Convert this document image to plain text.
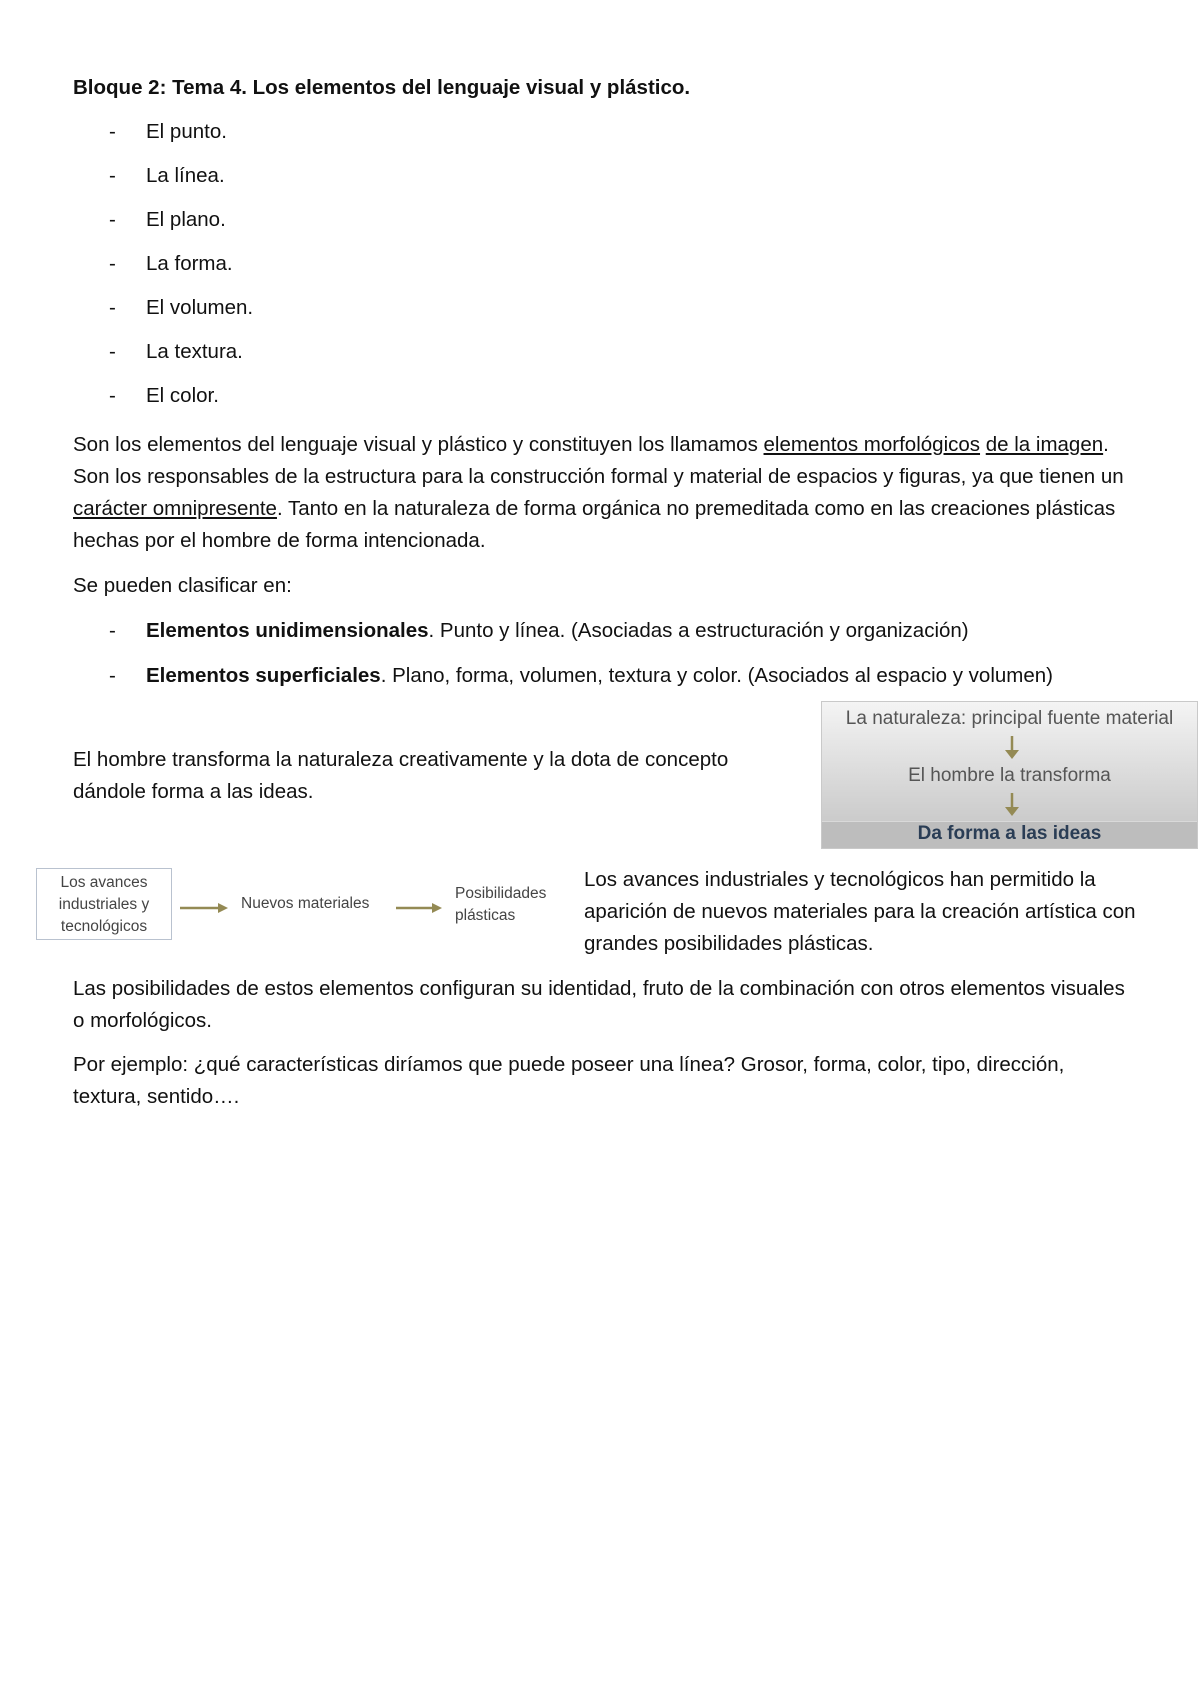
Bloque 2: Tema 4. Los elementos del lenguaje visual y plástico.
- El punto.
- La línea.
- El plano.
- La forma.
- El volumen.
- La textura.
- El color.

Son los elementos del lenguaje visual y plástico y constituyen los llamamos elementos morfológicos de la imagen. Son los responsables de la estructura para la construcción formal y material de espacios y figuras, ya que tienen un carácter omnipresente. Tanto en la naturaleza de forma orgánica no premeditada como en las creaciones plásticas hechas por el hombre de forma intencionada.

Se pueden clasificar en:

- Elementos unidimensionales. Punto y línea. (Asociadas a estructuración y organización)
- Elementos superficiales. Plano, forma, volumen, textura y color. (Asociados al espacio y volumen)

El hombre transforma la naturaleza creativamente y la dota de concepto dándole forma a las ideas.

La naturaleza: principal fuente material
El hombre la transforma
Da forma a las ideas
Los avances industriales y tecnológicos
Nuevos materiales
Posibilidades plásticas

Los avances industriales y tecnológicos han permitido la aparición de nuevos materiales para la creación artística con grandes posibilidades plásticas.

Las posibilidades de estos elementos configuran su identidad, fruto de la combinación con otros elementos visuales o morfológicos.

Por ejemplo: ¿qué características diríamos que puede poseer una línea? Grosor, forma, color, tipo, dirección, textura, sentido….
